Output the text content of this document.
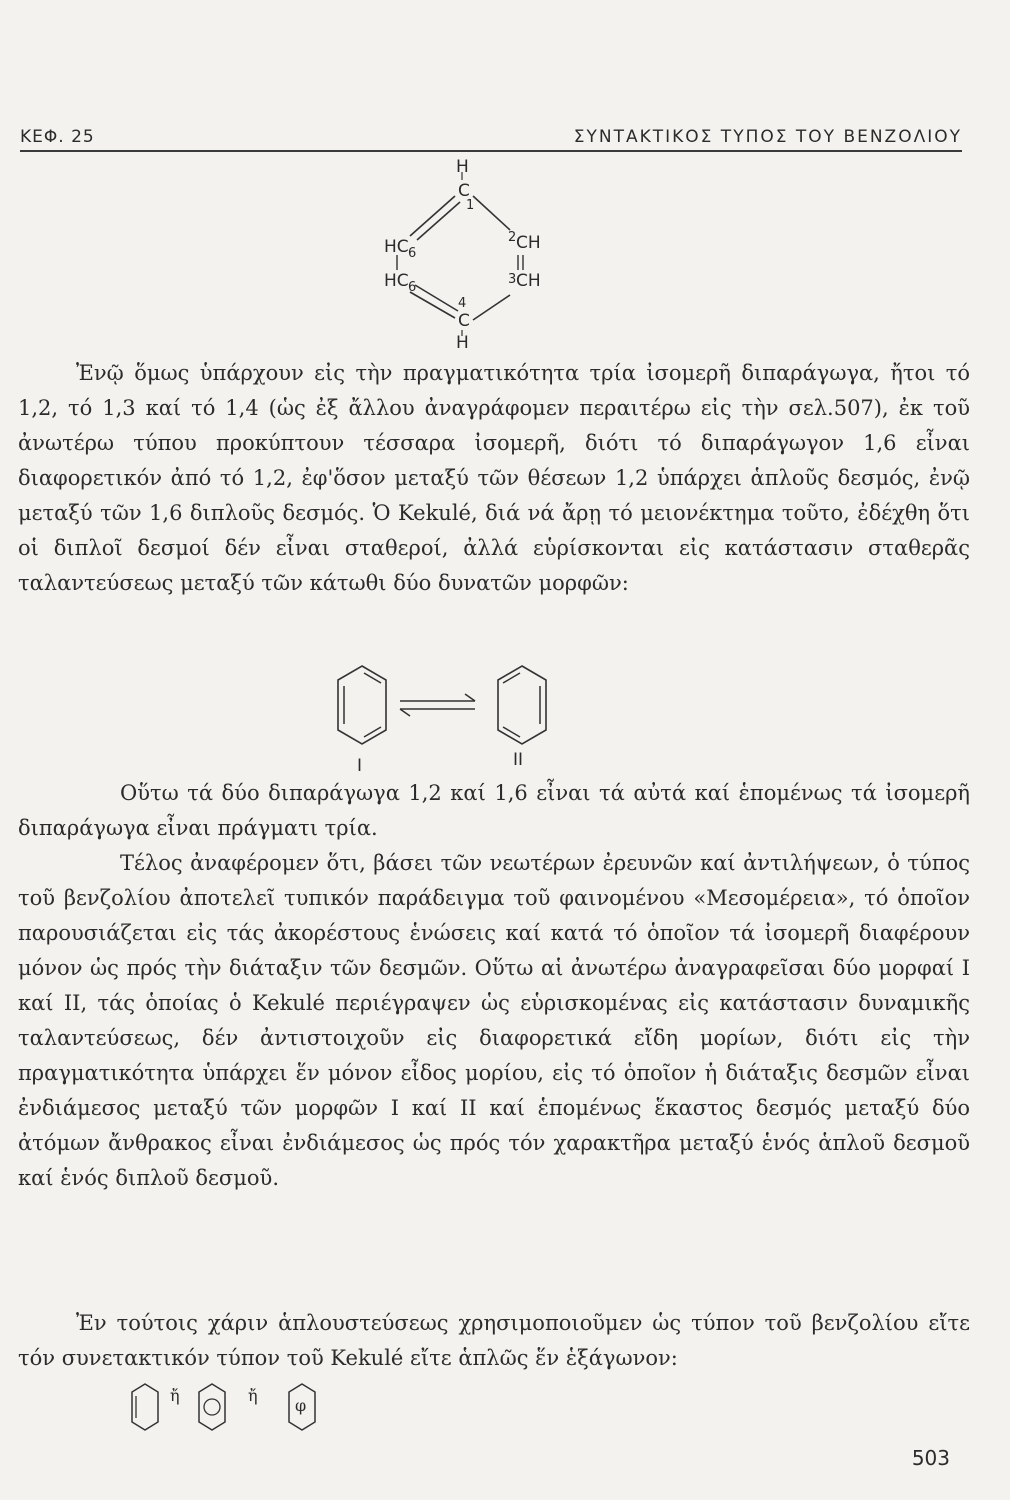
ΚΕΦ. 25	ΣΥΝΤΑΚΤΙΚΟΣ ΤΥΠΟΣ ΤΟΥ ΒΕΝΖΟΛΙΟΥ
H
C
1
HC 6
2 CH
HC 6
3 CH
4
C
H

Ἐνῷ ὅμως ὑπάρχουν εἰς τὴν πραγματικότητα τρία ἰσομερῆ διπαράγωγα, ἤτοι τό 1,2, τό 1,3 καί τό 1,4 (ὡς ἐξ ἄλλου ἀναγράφομεν περαιτέρω εἰς τὴν σελ.507), ἐκ τοῦ ἀνωτέρω τύπου προκύπτουν τέσσαρα ἰσομερῆ, διότι τό διπαράγωγον 1,6 εἶναι διαφορετικόν ἀπό τό 1,2, ἐφ'ὅσον μεταξύ τῶν θέσεων 1,2 ὑπάρχει ἁπλοῦς δεσμός, ἐνῷ μεταξύ τῶν 1,6 διπλοῦς δεσμός. Ὁ Kekulé, διά νά ἄρῃ τό μειονέκτημα τοῦτο, ἐδέχθη ὅτι οἱ διπλοῖ δεσμοί δέν εἶναι σταθεροί, ἀλλά εὑρίσκονται εἰς κατάστασιν σταθερᾶς ταλαντεύσεως μεταξύ τῶν κάτωθι δύο δυνατῶν μορφῶν:

I	II

Οὕτω τά δύο διπαράγωγα 1,2 καί 1,6 εἶναι τά αὐτά καί ἑπομένως τά ἰσομερῆ διπαράγωγα εἶναι πράγματι τρία.

Τέλος ἀναφέρομεν ὅτι, βάσει τῶν νεωτέρων ἐρευνῶν καί ἀντιλήψεων, ὁ τύπος τοῦ βενζολίου ἀποτελεῖ τυπικόν παράδειγμα τοῦ φαινομένου «Μεσομέρεια», τό ὁποῖον παρουσιάζεται εἰς τάς ἀκορέστους ἑνώσεις καί κατά τό ὁποῖον τά ἰσομερῆ διαφέρουν μόνον ὡς πρός τὴν διάταξιν τῶν δεσμῶν. Οὕτω αἱ ἀνωτέρω ἀναγραφεῖσαι δύο μορφαί I καί II, τάς ὁποίας ὁ Kekulé περιέγραψεν ὡς εὑρισκομένας εἰς κατάστασιν δυναμικῆς ταλαντεύσεως, δέν ἀντιστοιχοῦν εἰς διαφορετικά εἴδη μορίων, διότι εἰς τὴν πραγματικότητα ὑπάρχει ἕν μόνον εἶδος μορίου, εἰς τό ὁποῖον ἡ διάταξις δεσμῶν εἶναι ἐνδιάμεσος μεταξύ τῶν μορφῶν I καί II καί ἑπομένως ἕκαστος δεσμός μεταξύ δύο ἀτόμων ἄνθρακος εἶναι ἐνδιάμεσος ὡς πρός τόν χαρακτῆρα μεταξύ ἑνός ἁπλοῦ δεσμοῦ καί ἑνός διπλοῦ δεσμοῦ.

Ἐν τούτοις χάριν ἁπλουστεύσεως χρησιμοποιοῦμεν ὡς τύπον τοῦ βενζολίου εἴτε τόν συνετακτικόν τύπον τοῦ Kekulé εἴτε ἁπλῶς ἕν ἑξάγωνον:

ἤ	ἤ
φ
503
